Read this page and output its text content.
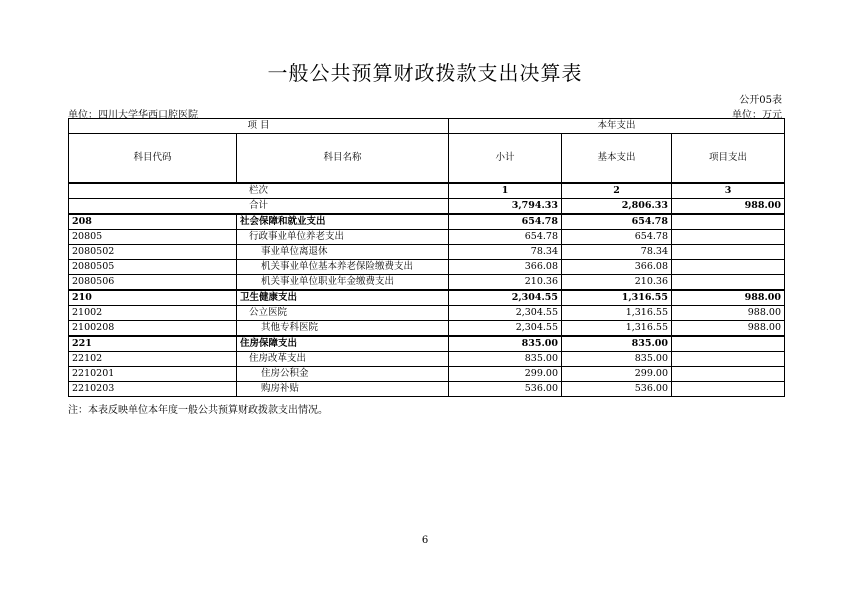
一般公共预算财政拨款支出决算表
公开05表
单位：四川大学华西口腔医院	单位：万元
项 目		本年支出		
科目代码	科目名称	小计	基本支出	项目支出
栏次		1	2	3
合计		3,794.33	2,806.33	988.00
208	社会保障和就业支出	654.78	654.78	
20805	行政事业单位养老支出	654.78	654.78	
2080502	事业单位离退休	78.34	78.34	
2080505	机关事业单位基本养老保险缴费支出	366.08	366.08	
2080506	机关事业单位职业年金缴费支出	210.36	210.36	
210	卫生健康支出	2,304.55	1,316.55	988.00
21002	公立医院	2,304.55	1,316.55	988.00
2100208	其他专科医院	2,304.55	1,316.55	988.00
221	住房保障支出	835.00	835.00	
22102	住房改革支出	835.00	835.00	
2210201	住房公积金	299.00	299.00	
2210203	购房补贴	536.00	536.00	
注：本表反映单位本年度一般公共预算财政拨款支出情况。
6
